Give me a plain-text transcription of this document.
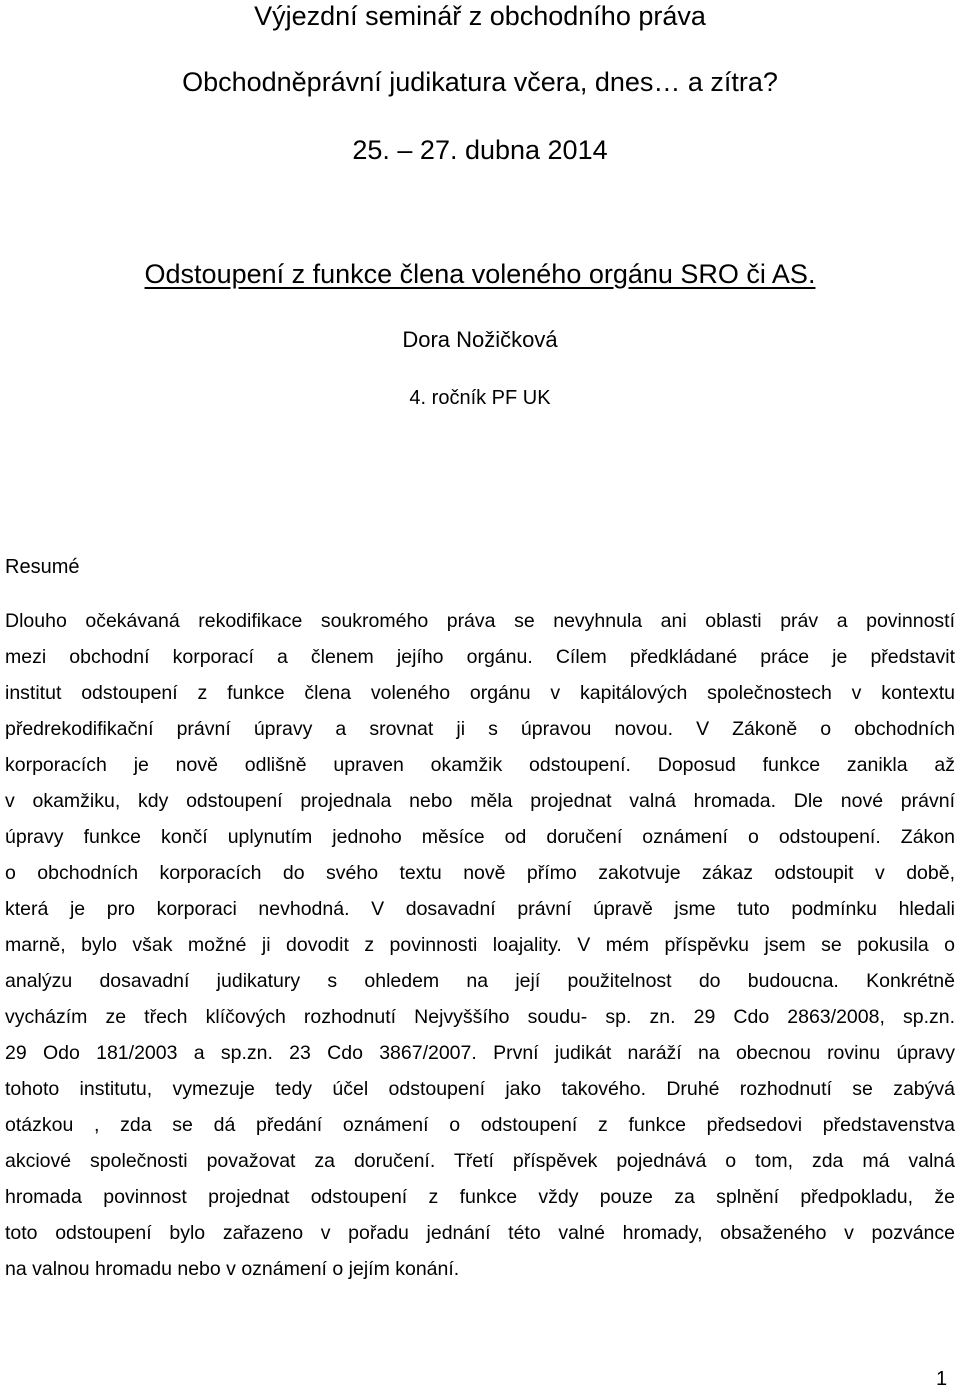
Výjezdní seminář z obchodního práva
Obchodněprávní judikatura včera, dnes… a zítra?
25. – 27. dubna 2014
Odstoupení z funkce člena voleného orgánu SRO či AS.
Dora Nožičková
4. ročník PF UK
Resumé
Dlouho očekávaná rekodifikace soukromého práva se nevyhnula ani oblasti práv a povinností
mezi obchodní korporací a členem jejího orgánu. Cílem předkládané práce je představit
institut odstoupení z funkce člena voleného orgánu v kapitálových společnostech v kontextu
předrekodifikační právní úpravy a srovnat ji s úpravou novou. V Zákoně o obchodních
korporacích je nově odlišně upraven okamžik odstoupení. Doposud funkce zanikla až
v okamžiku, kdy odstoupení projednala nebo měla projednat valná hromada. Dle nové právní
úpravy funkce končí uplynutím jednoho měsíce od doručení oznámení o odstoupení. Zákon
o obchodních korporacích do svého textu nově přímo zakotvuje zákaz odstoupit v době,
která je pro korporaci nevhodná. V dosavadní právní úpravě jsme tuto podmínku hledali
marně, bylo však možné ji dovodit z povinnosti loajality. V mém příspěvku jsem se pokusila o
analýzu dosavadní judikatury s ohledem na její použitelnost do budoucna. Konkrétně
vycházím ze třech klíčových rozhodnutí Nejvyššího soudu- sp. zn. 29 Cdo 2863/2008, sp.zn.
29 Odo 181/2003 a sp.zn. 23 Cdo 3867/2007. První judikát naráží na obecnou rovinu úpravy
tohoto institutu, vymezuje tedy účel odstoupení jako takového. Druhé rozhodnutí se zabývá
otázkou , zda se dá předání oznámení o odstoupení z funkce předsedovi představenstva
akciové společnosti považovat za doručení. Třetí příspěvek pojednává o tom, zda má valná
hromada povinnost projednat odstoupení z funkce vždy pouze za splnění předpokladu, že
toto odstoupení bylo zařazeno v pořadu jednání této valné hromady, obsaženého v pozvánce
na valnou hromadu nebo v oznámení o jejím konání.
1
